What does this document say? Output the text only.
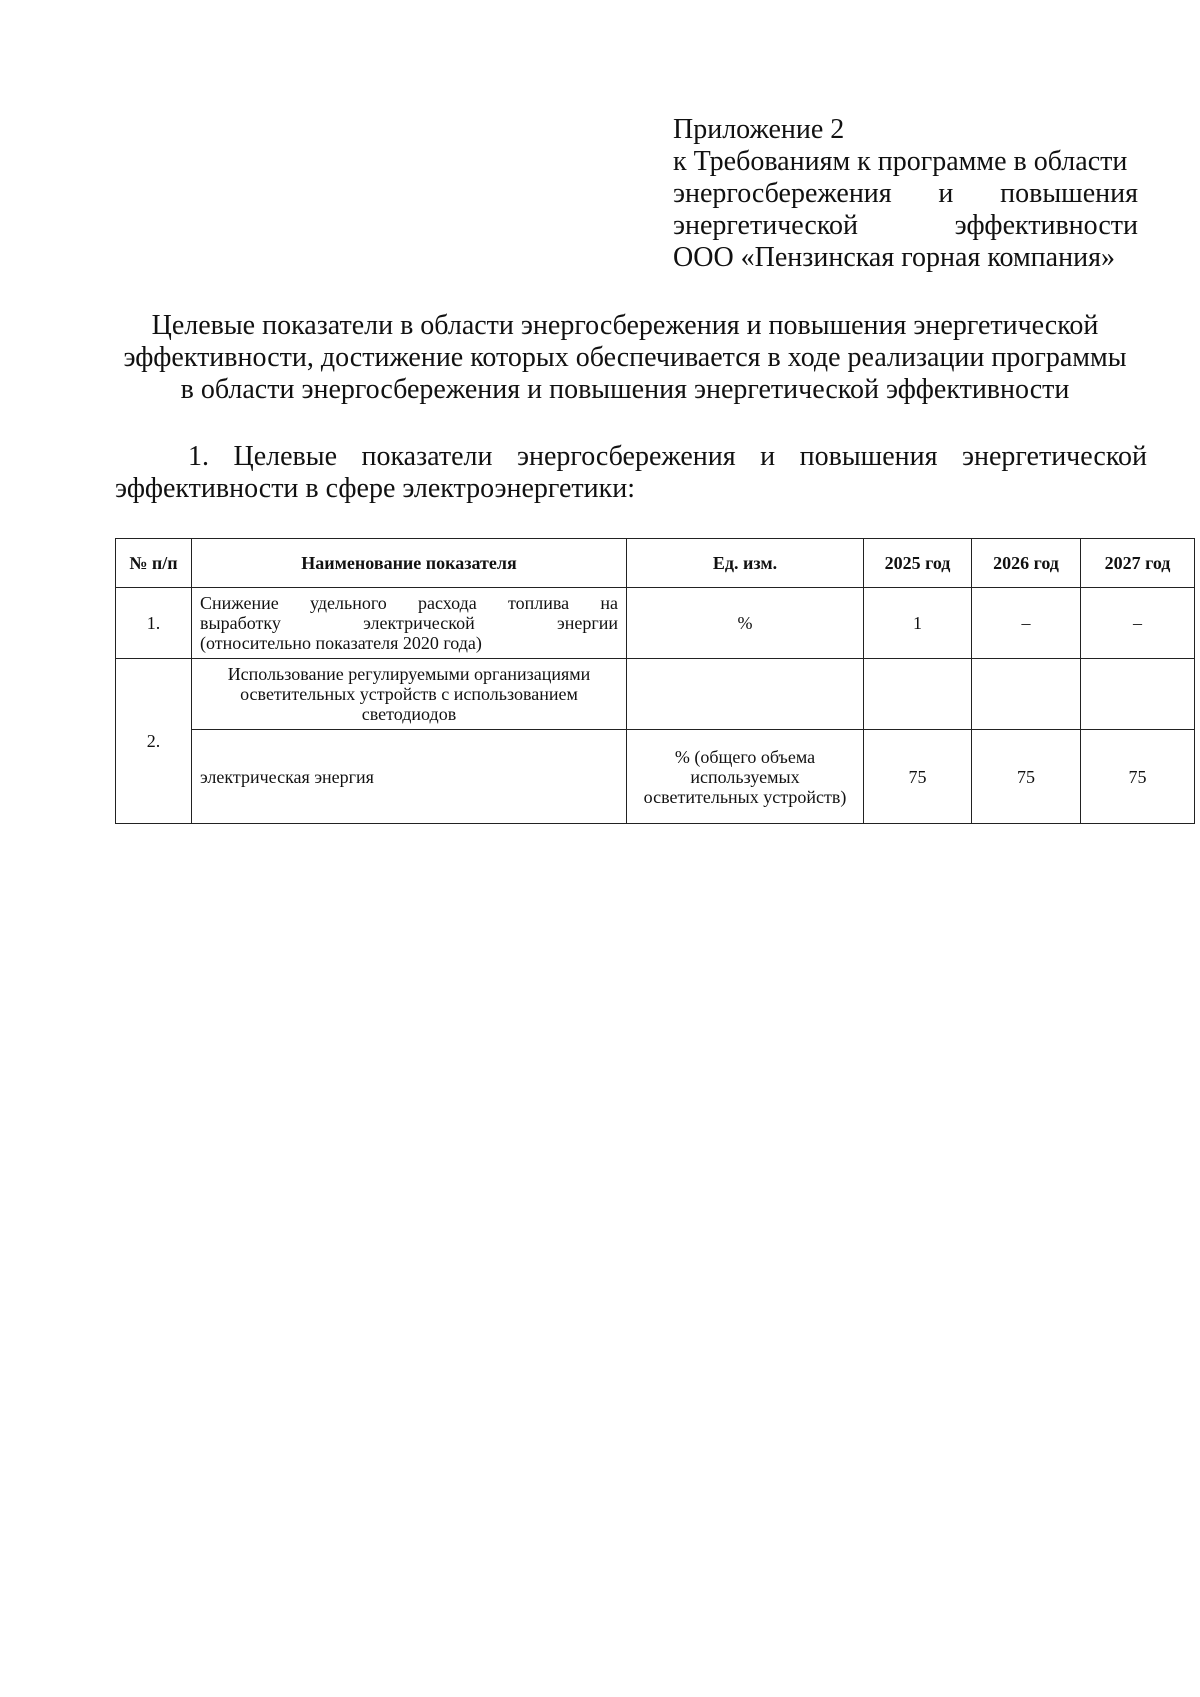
Приложение 2
к Требованиям к программе в области
энергосбережения и повышения
энергетической эффективности
ООО «Пензинская горная компания»
Целевые показатели в области энергосбережения и повышения энергетической
эффективности, достижение которых обеспечивается в ходе реализации программы
в области энергосбережения и повышения энергетической эффективности
1. Целевые показатели энергосбережения и повышения энергетической
эффективности в сфере электроэнергетики:
№ п/п	Наименование показателя	Ед. изм.	2025 год	2026 год	2027 год
1.	Снижение удельного расхода топлива на
выработку электрической энергии
(относительно показателя 2020 года)	%	1	–	–
2.	Использование регулируемыми организациями осветительных устройств с использованием светодиодов				
	электрическая энергия	% (общего объема используемых осветительных устройств)	75	75	75
